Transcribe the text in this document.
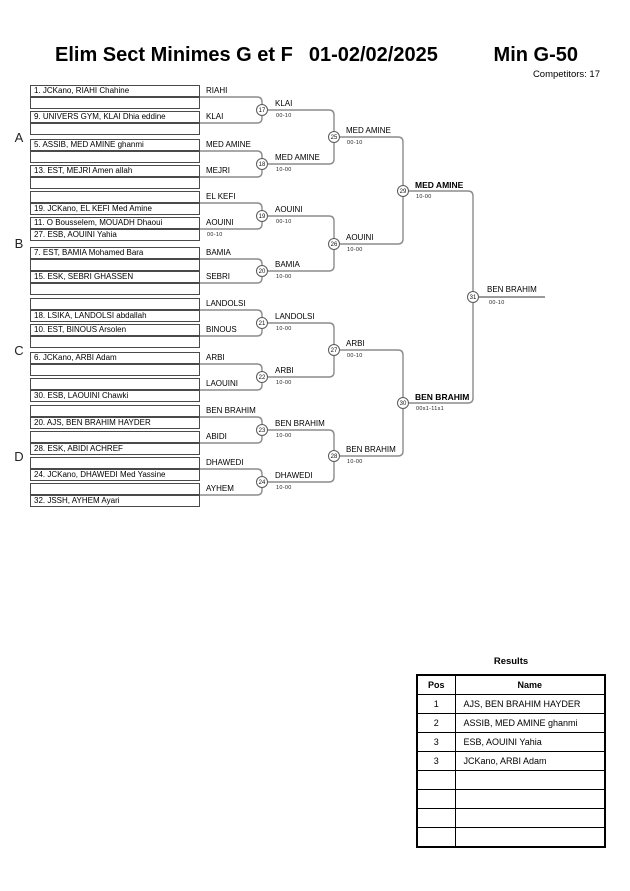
Elim Sect Minimes G et F 01-02/02/2025	Min G-50
Competitors: 17
A
B
C
D
17
18
19
20
21
22
23
24
25
26
27
28
29
30
31
1. JCKano, RIAHI Chahine
9. UNIVERS GYM, KLAI Dhia eddine
5. ASSIB, MED AMINE ghanmi
13. EST, MEJRI Amen allah
19. JCKano, EL KEFI Med Amine
11. O Bousselem, MOUADH Dhaoui
27. ESB, AOUINI Yahia
7. EST, BAMIA Mohamed Bara
15. ESK, SEBRI GHASSEN
18. LSIKA, LANDOLSI abdallah
10. EST, BINOUS Arsolen
6. JCKano, ARBI Adam
30. ESB, LAOUINI Chawki
20. AJS, BEN BRAHIM HAYDER
28. ESK, ABIDI ACHREF
24. JCKano, DHAWEDI Med Yassine
32. JSSH, AYHEM Ayari
RIAHI
KLAI
MED AMINE
MEJRI
EL KEFI
AOUINI
00-10
BAMIA
SEBRI
LANDOLSI
BINOUS
ARBI
LAOUINI
BEN BRAHIM
ABIDI
DHAWEDI
AYHEM
KLAI
00-10
MED AMINE
10-00
AOUINI
00-10
BAMIA
10-00
LANDOLSI
10-00
ARBI
10-00
BEN BRAHIM
10-00
DHAWEDI
10-00
MED AMINE
00-10
AOUINI
10-00
ARBI
00-10
BEN BRAHIM
10-00
MED AMINE
10-00
BEN BRAHIM
00s1-11s1
BEN BRAHIM
00-10
Results
Pos	Name
1	AJS, BEN BRAHIM HAYDER
2	ASSIB, MED AMINE ghanmi
3	ESB, AOUINI Yahia
3	JCKano, ARBI Adam
